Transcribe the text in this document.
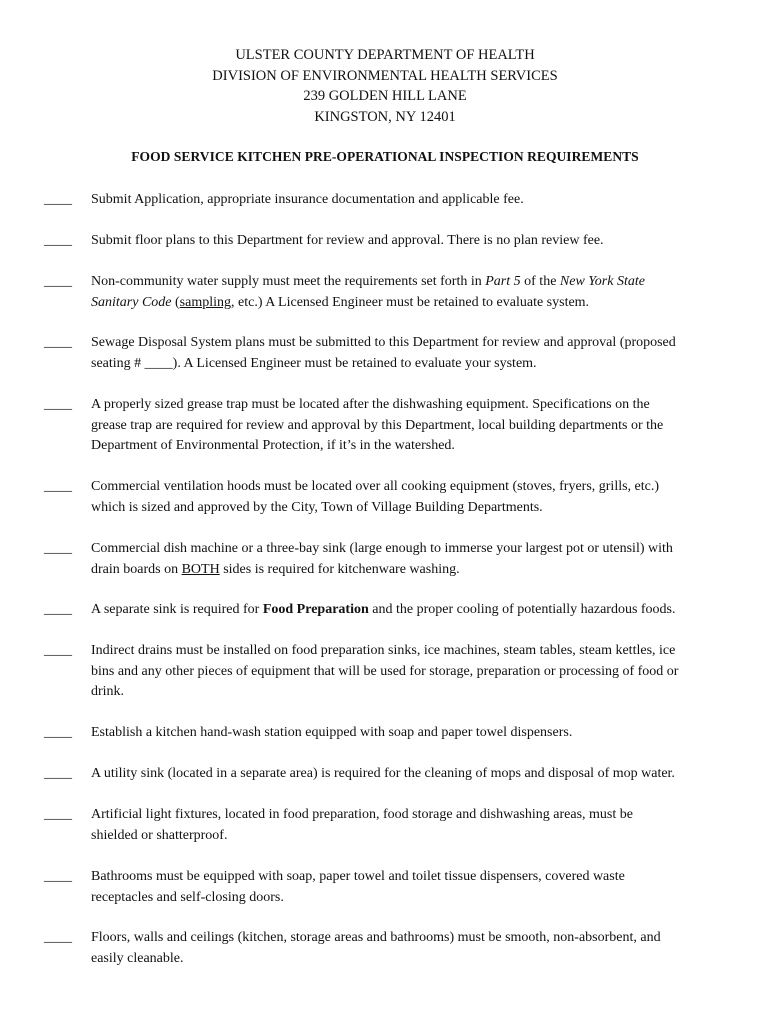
ULSTER COUNTY DEPARTMENT OF HEALTH
DIVISION OF ENVIRONMENTAL HEALTH SERVICES
239 GOLDEN HILL LANE
KINGSTON, NY 12401
FOOD SERVICE KITCHEN PRE-OPERATIONAL INSPECTION REQUIREMENTS
____ Submit Application, appropriate insurance documentation and applicable fee.
____ Submit floor plans to this Department for review and approval. There is no plan review fee.
____ Non-community water supply must meet the requirements set forth in Part 5 of the New York State
Sanitary Code (sampling, etc.) A Licensed Engineer must be retained to evaluate system.
____ Sewage Disposal System plans must be submitted to this Department for review and approval (proposed
seating # ____). A Licensed Engineer must be retained to evaluate your system.
____ A properly sized grease trap must be located after the dishwashing equipment. Specifications on the
grease trap are required for review and approval by this Department, local building departments or the
Department of Environmental Protection, if it’s in the watershed.
____ Commercial ventilation hoods must be located over all cooking equipment (stoves, fryers, grills, etc.)
which is sized and approved by the City, Town of Village Building Departments.
____ Commercial dish machine or a three-bay sink (large enough to immerse your largest pot or utensil) with
drain boards on BOTH sides is required for kitchenware washing.
____ A separate sink is required for Food Preparation and the proper cooling of potentially hazardous foods.
____ Indirect drains must be installed on food preparation sinks, ice machines, steam tables, steam kettles, ice
bins and any other pieces of equipment that will be used for storage, preparation or processing of food or
drink.
____ Establish a kitchen hand-wash station equipped with soap and paper towel dispensers.
____ A utility sink (located in a separate area) is required for the cleaning of mops and disposal of mop water.
____ Artificial light fixtures, located in food preparation, food storage and dishwashing areas, must be
shielded or shatterproof.
____ Bathrooms must be equipped with soap, paper towel and toilet tissue dispensers, covered waste
receptacles and self-closing doors.
____ Floors, walls and ceilings (kitchen, storage areas and bathrooms) must be smooth, non-absorbent, and
easily cleanable.
